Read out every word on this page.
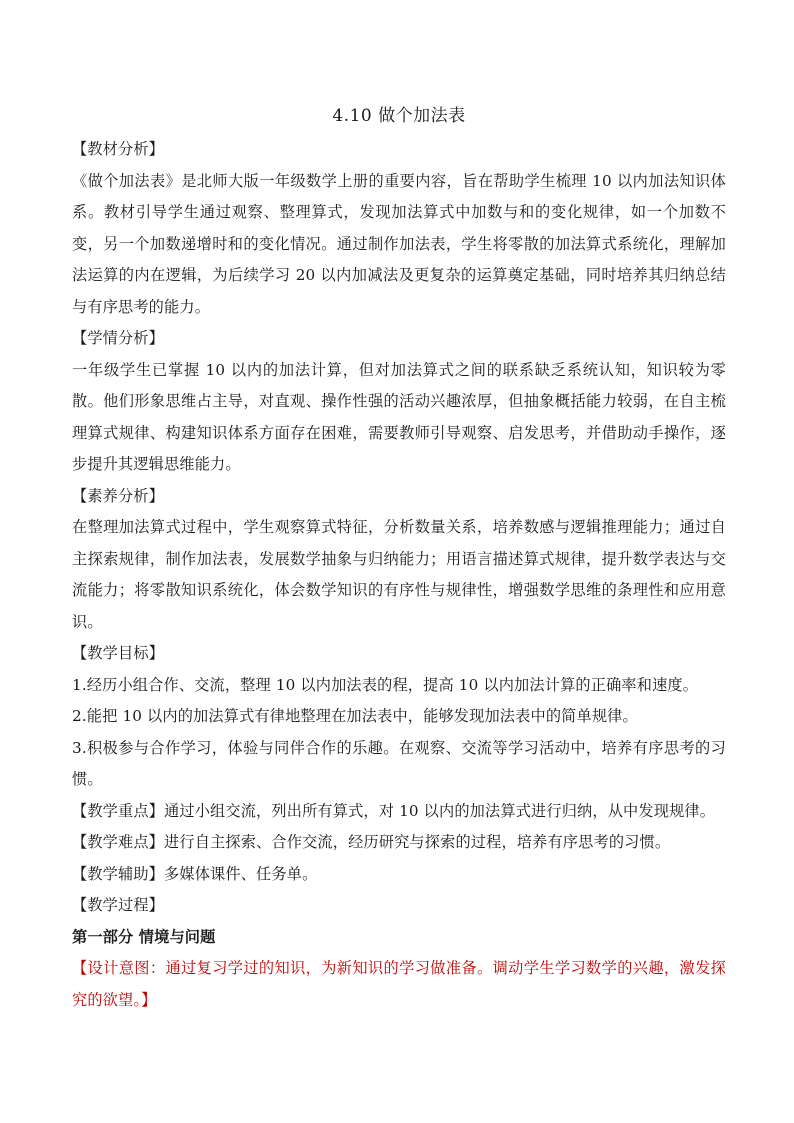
4.10 做个加法表
【教材分析】
《做个加法表》是北师大版一年级数学上册的重要内容，旨在帮助学生梳理 10 以内加法知识体系。教材引导学生通过观察、整理算式，发现加法算式中加数与和的变化规律，如一个加数不变，另一个加数递增时和的变化情况。通过制作加法表，学生将零散的加法算式系统化，理解加法运算的内在逻辑，为后续学习 20 以内加减法及更复杂的运算奠定基础，同时培养其归纳总结与有序思考的能力。
【学情分析】
一年级学生已掌握 10 以内的加法计算，但对加法算式之间的联系缺乏系统认知，知识较为零散。他们形象思维占主导，对直观、操作性强的活动兴趣浓厚，但抽象概括能力较弱，在自主梳理算式规律、构建知识体系方面存在困难，需要教师引导观察、启发思考，并借助动手操作，逐步提升其逻辑思维能力。
【素养分析】
在整理加法算式过程中，学生观察算式特征，分析数量关系，培养数感与逻辑推理能力；通过自主探索规律，制作加法表，发展数学抽象与归纳能力；用语言描述算式规律，提升数学表达与交流能力；将零散知识系统化，体会数学知识的有序性与规律性，增强数学思维的条理性和应用意识。
【教学目标】
1.经历小组合作、交流，整理 10 以内加法表的程，提高 10 以内加法计算的正确率和速度。
2.能把 10 以内的加法算式有律地整理在加法表中，能够发现加法表中的简单规律。
3.积极参与合作学习，体验与同伴合作的乐趣。在观察、交流等学习活动中，培养有序思考的习惯。
【教学重点】通过小组交流，列出所有算式，对 10 以内的加法算式进行归纳，从中发现规律。
【教学难点】进行自主探索、合作交流，经历研究与探索的过程，培养有序思考的习惯。
【教学辅助】多媒体课件、任务单。
【教学过程】
第一部分 情境与问题
【设计意图：通过复习学过的知识，为新知识的学习做准备。调动学生学习数学的兴趣，激发探究的欲望。】
